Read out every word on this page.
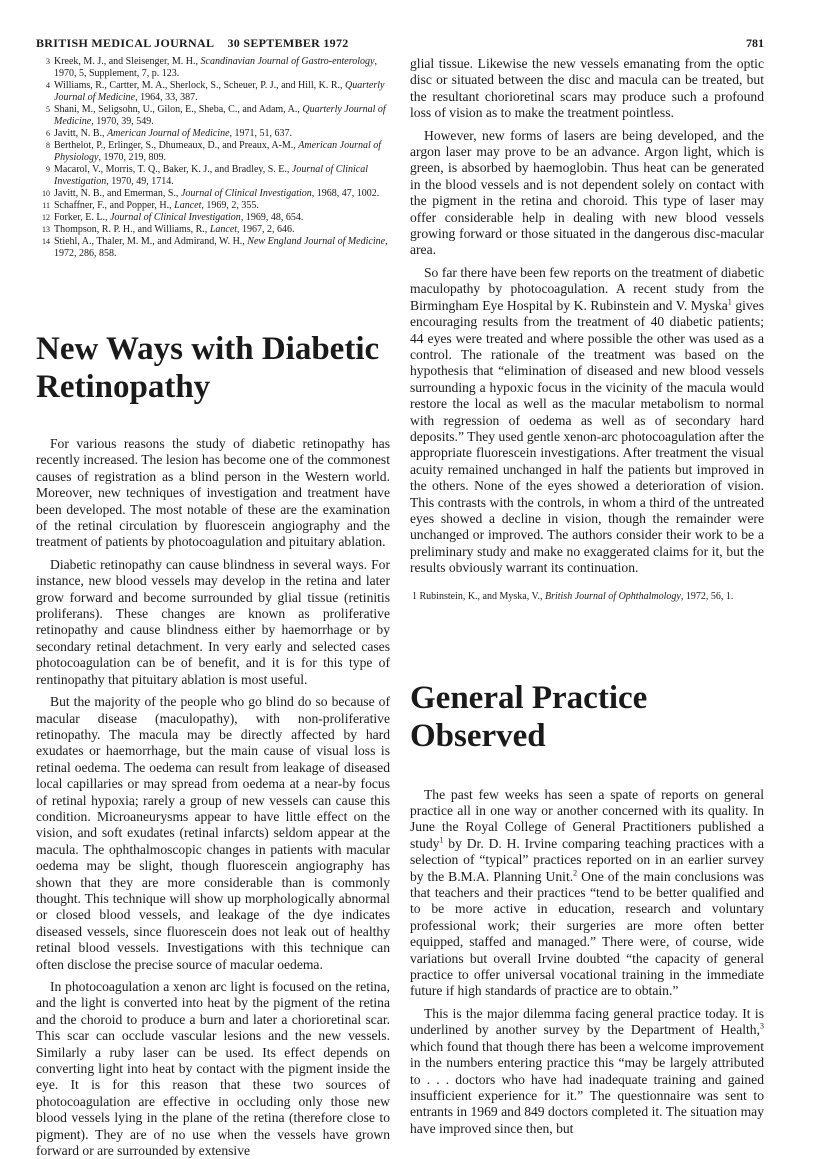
BRITISH MEDICAL JOURNAL 30 SEPTEMBER 1972	781
3 Kreek, M. J., and Sleisenger, M. H., Scandinavian Journal of Gastro-enterology, 1970, 5, Supplement, 7, p. 123.
4 Williams, R., Cartter, M. A., Sherlock, S., Scheuer, P. J., and Hill, K. R., Quarterly Journal of Medicine, 1964, 33, 387.
5 Shani, M., Seligsohn, U., Gilon, E., Sheba, C., and Adam, A., Quarterly Journal of Medicine, 1970, 39, 549.
6 Javitt, N. B., American Journal of Medicine, 1971, 51, 637.
8 Berthelot, P., Erlinger, S., Dhumeaux, D., and Preaux, A-M., American Journal of Physiology, 1970, 219, 809.
9 Macarol, V., Morris, T. Q., Baker, K. J., and Bradley, S. E., Journal of Clinical Investigation, 1970, 49, 1714.
10 Javitt, N. B., and Emerman, S., Journal of Clinical Investigation, 1968, 47, 1002.
11 Schaffner, F., and Popper, H., Lancet, 1969, 2, 355.
12 Forker, E. L., Journal of Clinical Investigation, 1969, 48, 654.
13 Thompson, R. P. H., and Williams, R., Lancet, 1967, 2, 646.
14 Stiehl, A., Thaler, M. M., and Admirand, W. H., New England Journal of Medicine, 1972, 286, 858.
New Ways with Diabetic Retinopathy

For various reasons the study of diabetic retinopathy has recently increased. The lesion has become one of the commonest causes of registration as a blind person in the Western world. Moreover, new techniques of investigation and treatment have been developed. The most notable of these are the examination of the retinal circulation by fluorescein angiography and the treatment of patients by photocoagulation and pituitary ablation.

Diabetic retinopathy can cause blindness in several ways. For instance, new blood vessels may develop in the retina and later grow forward and become surrounded by glial tissue (retinitis proliferans). These changes are known as proliferative retinopathy and cause blindness either by haemorrhage or by secondary retinal detachment. In very early and selected cases photocoagulation can be of benefit, and it is for this type of rentinopathy that pituitary ablation is most useful.

But the majority of the people who go blind do so because of macular disease (maculopathy), with non-proliferative retinopathy. The macula may be directly affected by hard exudates or haemorrhage, but the main cause of visual loss is retinal oedema. The oedema can result from leakage of diseased local capillaries or may spread from oedema at a near-by focus of retinal hypoxia; rarely a group of new vessels can cause this condition. Microaneurysms appear to have little effect on the vision, and soft exudates (retinal infarcts) seldom appear at the macula. The ophthalmoscopic changes in patients with macular oedema may be slight, though fluorescein angiography has shown that they are more considerable than is commonly thought. This technique will show up morphologically abnormal or closed blood vessels, and leakage of the dye indicates diseased vessels, since fluorescein does not leak out of healthy retinal blood vessels. Investigations with this technique can often disclose the precise source of macular oedema.

In photocoagulation a xenon arc light is focused on the retina, and the light is converted into heat by the pigment of the retina and the choroid to produce a burn and later a chorioretinal scar. This scar can occlude vascular lesions and the new vessels. Similarly a ruby laser can be used. Its effect depends on converting light into heat by contact with the pigment inside the eye. It is for this reason that these two sources of photocoagulation are effective in occluding only those new blood vessels lying in the plane of the retina (therefore close to pigment). They are of no use when the vessels have grown forward or are surrounded by extensive

glial tissue. Likewise the new vessels emanating from the optic disc or situated between the disc and macula can be treated, but the resultant chorioretinal scars may produce such a profound loss of vision as to make the treatment pointless.

However, new forms of lasers are being developed, and the argon laser may prove to be an advance. Argon light, which is green, is absorbed by haemoglobin. Thus heat can be generated in the blood vessels and is not dependent solely on contact with the pigment in the retina and choroid. This type of laser may offer considerable help in dealing with new blood vessels growing forward or those situated in the dangerous disc-macular area.

So far there have been few reports on the treatment of diabetic maculopathy by photocoagulation. A recent study from the Birmingham Eye Hospital by K. Rubinstein and V. Myska$^1$ gives encouraging results from the treatment of 40 diabetic patients; 44 eyes were treated and where possible the other was used as a control. The rationale of the treatment was based on the hypothesis that “elimination of diseased and new blood vessels surrounding a hypoxic focus in the vicinity of the macula would restore the local as well as the macular metabolism to normal with regression of oedema as well as of secondary hard deposits.” They used gentle xenon-arc photocoagulation after the appropriate fluorescein investigations. After treatment the visual acuity remained unchanged in half the patients but improved in the others. None of the eyes showed a deterioration of vision. This contrasts with the controls, in whom a third of the untreated eyes showed a decline in vision, though the remainder were unchanged or improved. The authors consider their work to be a preliminary study and make no exaggerated claims for it, but the results obviously warrant its continuation.

1 Rubinstein, K., and Myska, V., British Journal of Ophthalmology, 1972, 56, 1.
General Practice Observed

The past few weeks has seen a spate of reports on general practice all in one way or another concerned with its quality. In June the Royal College of General Practitioners published a study$^1$ by Dr. D. H. Irvine comparing teaching practices with a selection of “typical” practices reported on in an earlier survey by the B.M.A. Planning Unit.$^2$ One of the main conclusions was that teachers and their practices “tend to be better qualified and to be more active in education, research and voluntary professional work; their surgeries are more often better equipped, staffed and managed.” There were, of course, wide variations but overall Irvine doubted “the capacity of general practice to offer universal vocational training in the immediate future if high standards of practice are to obtain.”

This is the major dilemma facing general practice today. It is underlined by another survey by the Department of Health,$^3$ which found that though there has been a welcome improvement in the numbers entering practice this “may be largely attributed to . . . doctors who have had inadequate training and gained insufficient experience for it.” The questionnaire was sent to entrants in 1969 and 849 doctors completed it. The situation may have improved since then, but
